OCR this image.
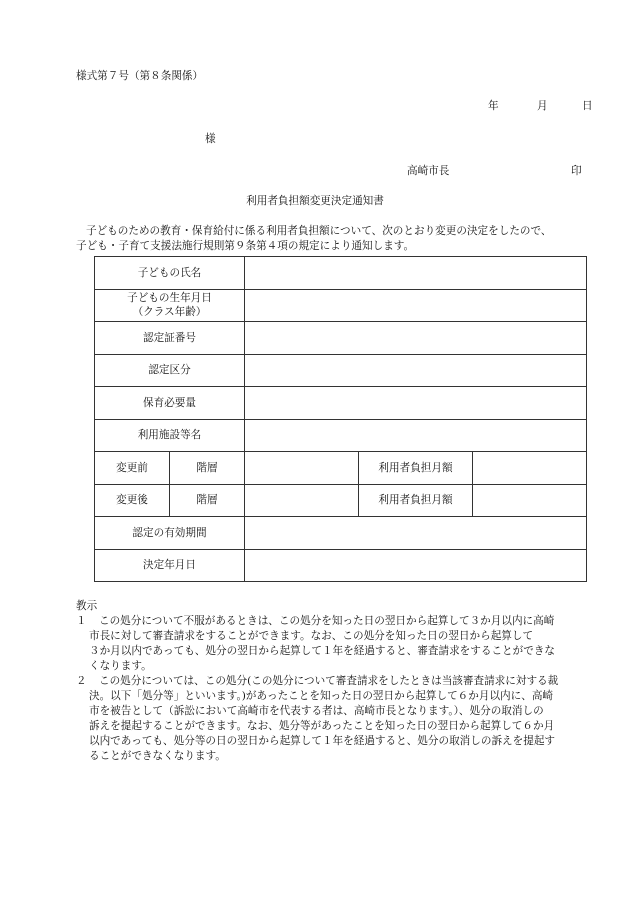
様式第７号（第８条関係）
年	月	日
様
高崎市長	印
利用者負担額変更決定通知書

子どものための教育・保育給付に係る利用者負担額について、次のとおり変更の決定をしたので、

子ども・子育て支援法施行規則第９条第４項の規定により通知します。

子どもの氏名				

子どもの生年月日
（クラス年齢）				

認定証番号				
認定区分				
保育必要量				
利用施設等名				
変更前	階層		利用者負担月額	
変更後	階層		利用者負担月額	
認定の有効期間				
決定年月日				
教示
１	この処分について不服があるときは、この処分を知った日の翌日から起算して３か月以内に高崎

市長に対して審査請求をすることができます。なお、この処分を知った日の翌日から起算して

３か月以内であっても、処分の翌日から起算して１年を経過すると、審査請求をすることができな

くなります。

２	この処分については、この処分(この処分について審査請求をしたときは当該審査請求に対する裁

決。以下「処分等」といいます。)があったことを知った日の翌日から起算して６か月以内に、高崎

市を被告として（訴訟において高崎市を代表する者は、高崎市長となります。）、処分の取消しの

訴えを提起することができます。なお、処分等があったことを知った日の翌日から起算して６か月

以内であっても、処分等の日の翌日から起算して１年を経過すると、処分の取消しの訴えを提起す

ることができなくなります。
